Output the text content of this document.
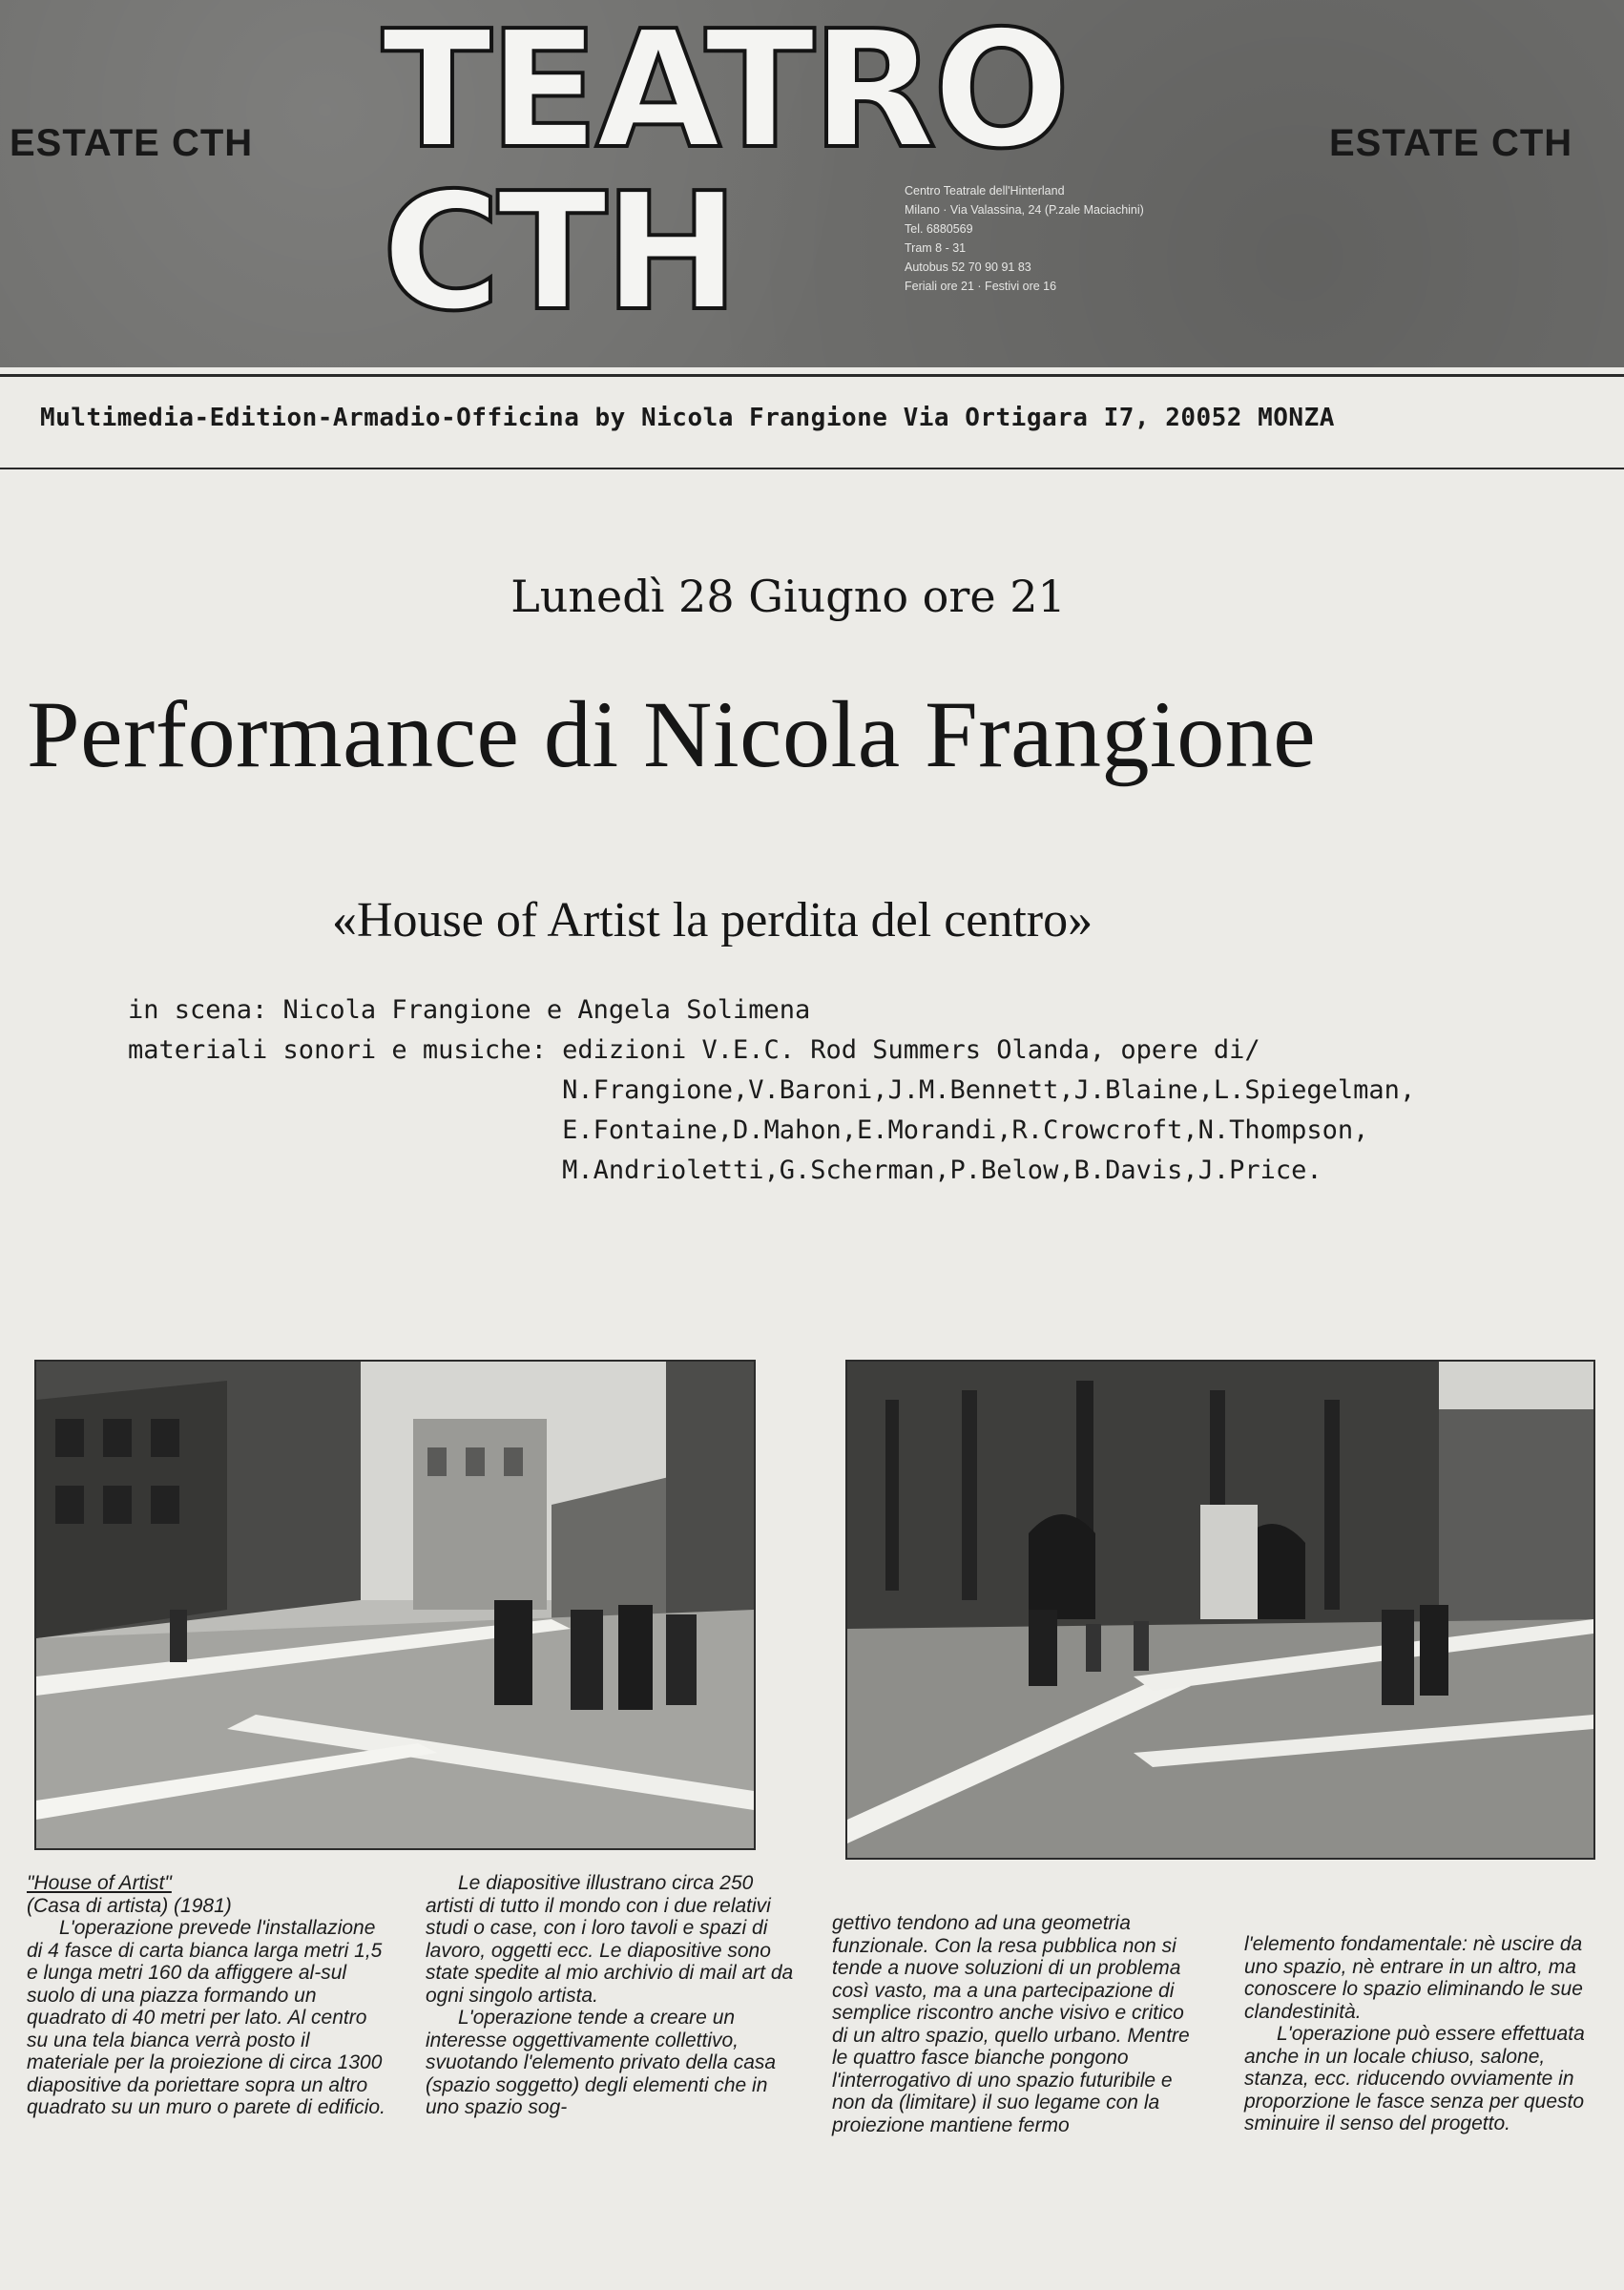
ESTATE CTH	ESTATE CTH
TEATRO
CTH	Centro Teatrale dell'Hinterland
Milano · Via Valassina, 24 (P.zale Maciachini)
Tel. 6880569
Tram 8 - 31
Autobus 52 70 90 91 83
Feriali ore 21 · Festivi ore 16
Multimedia-Edition-Armadio-Officina by Nicola Frangione Via Ortigara I7, 20052 MONZA
Lunedì 28 Giugno ore 21
Performance di Nicola Frangione
«House of Artist la perdita del centro»
in scena: Nicola Frangione e Angela Solimena
materiali sonori e musiche: edizioni V.E.C. Rod Summers Olanda, opere di/
N.Frangione,V.Baroni,J.M.Bennett,J.Blaine,L.Spiegelman,
E.Fontaine,D.Mahon,E.Morandi,R.Crowcroft,N.Thompson,
M.Andrioletti,G.Scherman,P.Below,B.Davis,J.Price.

"House of Artist"

(Casa di artista) (1981)

L'operazione prevede l'installazione di 4 fasce di carta bianca larga metri 1,5 e lunga metri 160 da affiggere al-sul suolo di una piazza formando un quadrato di 40 metri per lato. Al centro su una tela bianca verrà posto il materiale per la proiezione di circa 1300 diapositive da poriettare sopra un altro quadrato su un muro o parete di edificio.

Le diapositive illustrano circa 250 artisti di tutto il mondo con i due relativi studi o case, con i loro tavoli e spazi di lavoro, oggetti ecc. Le diapositive sono state spedite al mio archivio di mail art da ogni singolo artista.

L'operazione tende a creare un interesse oggettivamente collettivo, svuotando l'elemento privato della casa (spazio soggetto) degli elementi che in uno spazio sog-

gettivo tendono ad una geometria funzionale. Con la resa pubblica non si tende a nuove soluzioni di un problema così vasto, ma a una partecipazione di semplice riscontro anche visivo e critico di un altro spazio, quello urbano. Mentre le quattro fasce bianche pongono l'interrogativo di uno spazio futuribile e non da (limitare) il suo legame con la proiezione mantiene fermo

l'elemento fondamentale: nè uscire da uno spazio, nè entrare in un altro, ma conoscere lo spazio eliminando le sue clandestinità.

L'operazione può essere effettuata anche in un locale chiuso, salone, stanza, ecc. riducendo ovviamente in proporzione le fasce senza per questo sminuire il senso del progetto.
